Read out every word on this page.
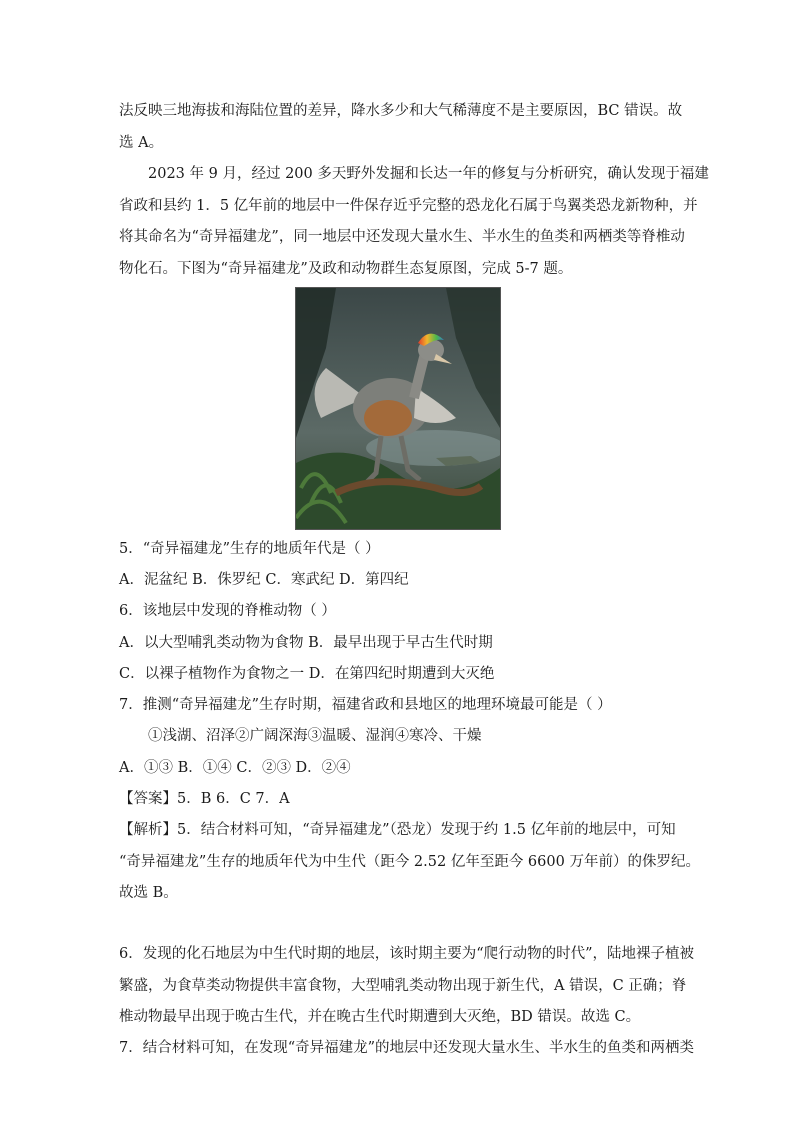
法反映三地海拔和海陆位置的差异，降水多少和大气稀薄度不是主要原因，BC 错误。故
选 A。
2023 年 9 月，经过 200 多天野外发掘和长达一年的修复与分析研究，确认发现于福建
省政和县约 1．5 亿年前的地层中一件保存近乎完整的恐龙化石属于鸟翼类恐龙新物种，并
将其命名为“奇异福建龙”，同一地层中还发现大量水生、半水生的鱼类和两栖类等脊椎动
物化石。下图为“奇异福建龙”及政和动物群生态复原图，完成 5-7 题。
5．“奇异福建龙”生存的地质年代是（ ）
A．泥盆纪 B．侏罗纪 C．寒武纪 D．第四纪
6．该地层中发现的脊椎动物（ ）
A．以大型哺乳类动物为食物 B．最早出现于早古生代时期
C．以裸子植物作为食物之一 D．在第四纪时期遭到大灭绝
7．推测“奇异福建龙”生存时期，福建省政和县地区的地理环境最可能是（ ）
①浅湖、沼泽②广阔深海③温暖、湿润④寒冷、干燥
A．①③ B．①④ C．②③ D．②④
【答案】5．B 6．C 7．A
【解析】5．结合材料可知，“奇异福建龙”（恐龙）发现于约 1.5 亿年前的地层中，可知
“奇异福建龙”生存的地质年代为中生代（距今 2.52 亿年至距今 6600 万年前）的侏罗纪。
故选 B。
6．发现的化石地层为中生代时期的地层，该时期主要为“爬行动物的时代”，陆地裸子植被
繁盛，为食草类动物提供丰富食物，大型哺乳类动物出现于新生代，A 错误，C 正确；脊
椎动物最早出现于晚古生代，并在晚古生代时期遭到大灭绝，BD 错误。故选 C。
7．结合材料可知，在发现“奇异福建龙”的地层中还发现大量水生、半水生的鱼类和两栖类
